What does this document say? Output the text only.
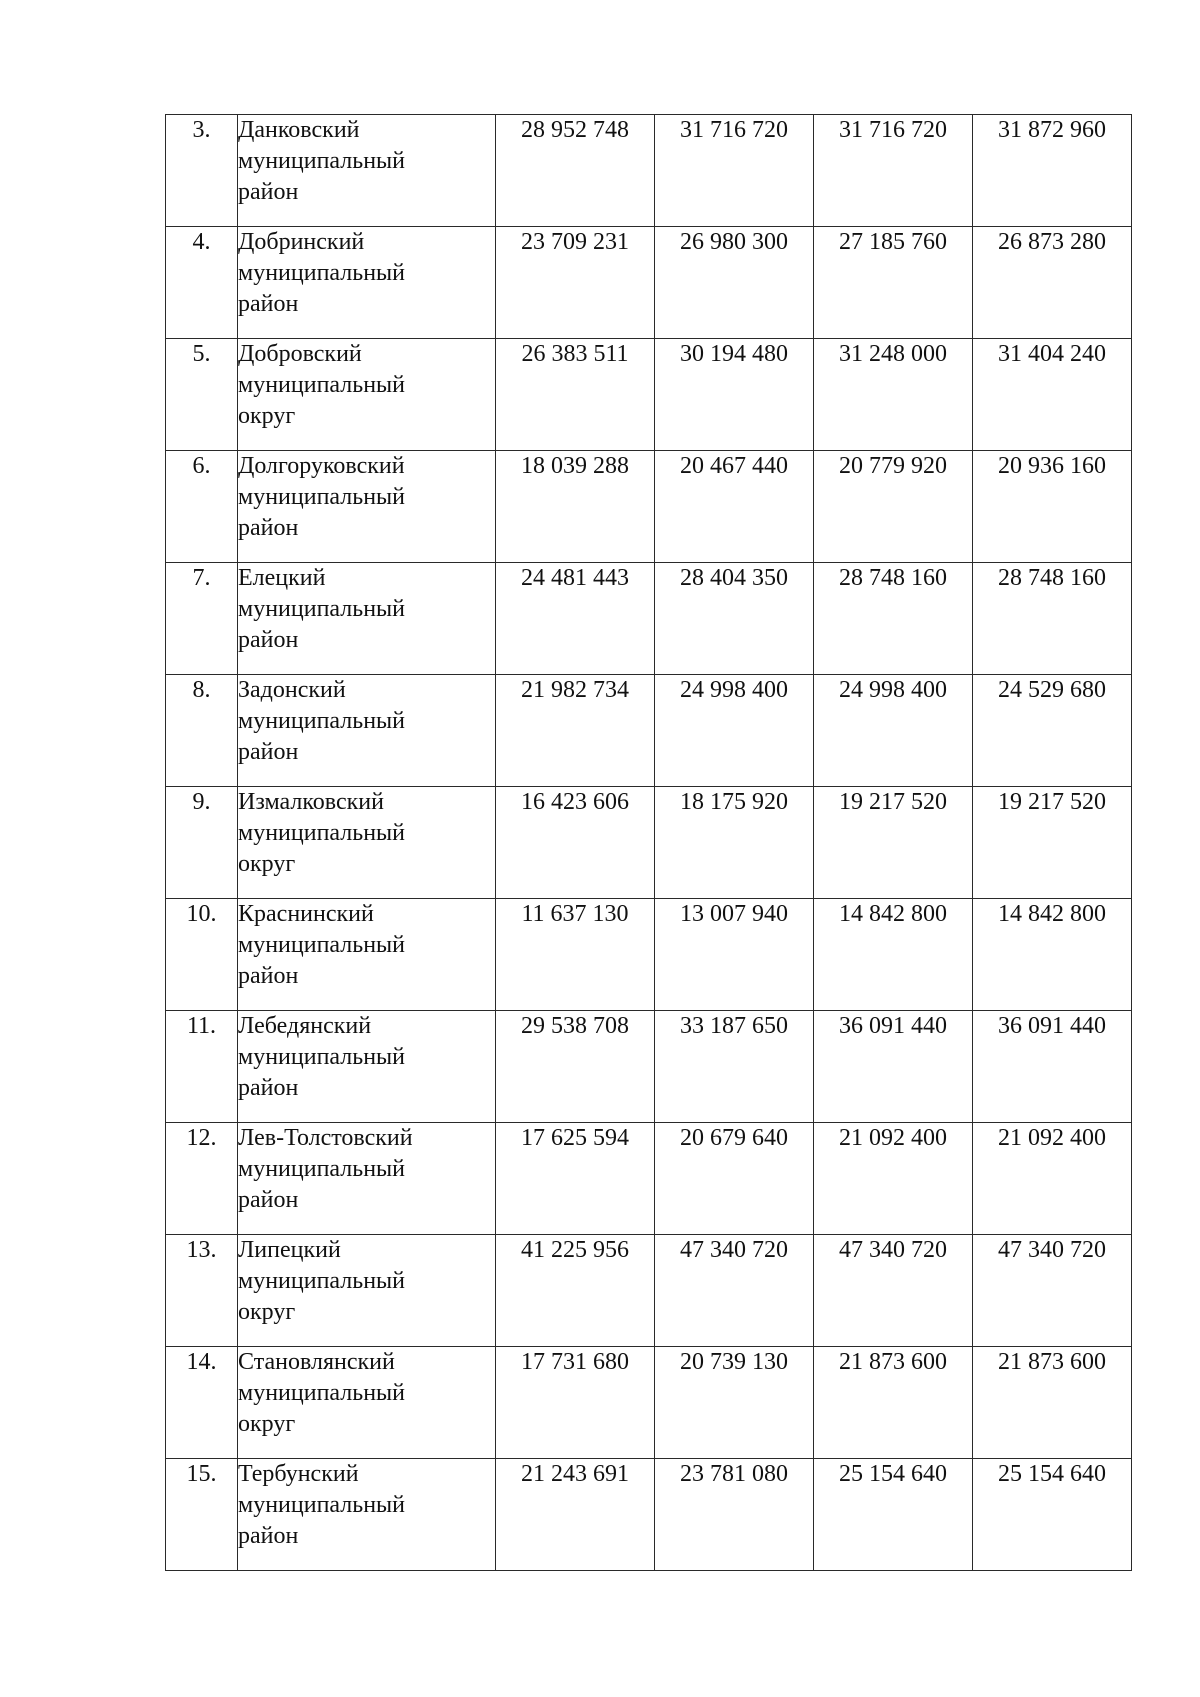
3.	Данковский
муниципальный
район	28 952 748	31 716 720	31 716 720	31 872 960
4.	Добринский
муниципальный
район	23 709 231	26 980 300	27 185 760	26 873 280
5.	Добровский
муниципальный
округ	26 383 511	30 194 480	31 248 000	31 404 240
6.	Долгоруковский
муниципальный
район	18 039 288	20 467 440	20 779 920	20 936 160
7.	Елецкий
муниципальный
район	24 481 443	28 404 350	28 748 160	28 748 160
8.	Задонский
муниципальный
район	21 982 734	24 998 400	24 998 400	24 529 680
9.	Измалковский
муниципальный
округ	16 423 606	18 175 920	19 217 520	19 217 520
10.	Краснинский
муниципальный
район	11 637 130	13 007 940	14 842 800	14 842 800
11.	Лебедянский
муниципальный
район	29 538 708	33 187 650	36 091 440	36 091 440
12.	Лев-Толстовский
муниципальный
район	17 625 594	20 679 640	21 092 400	21 092 400
13.	Липецкий
муниципальный
округ	41 225 956	47 340 720	47 340 720	47 340 720
14.	Становлянский
муниципальный
округ	17 731 680	20 739 130	21 873 600	21 873 600
15.	Тербунский
муниципальный
район	21 243 691	23 781 080	25 154 640	25 154 640
